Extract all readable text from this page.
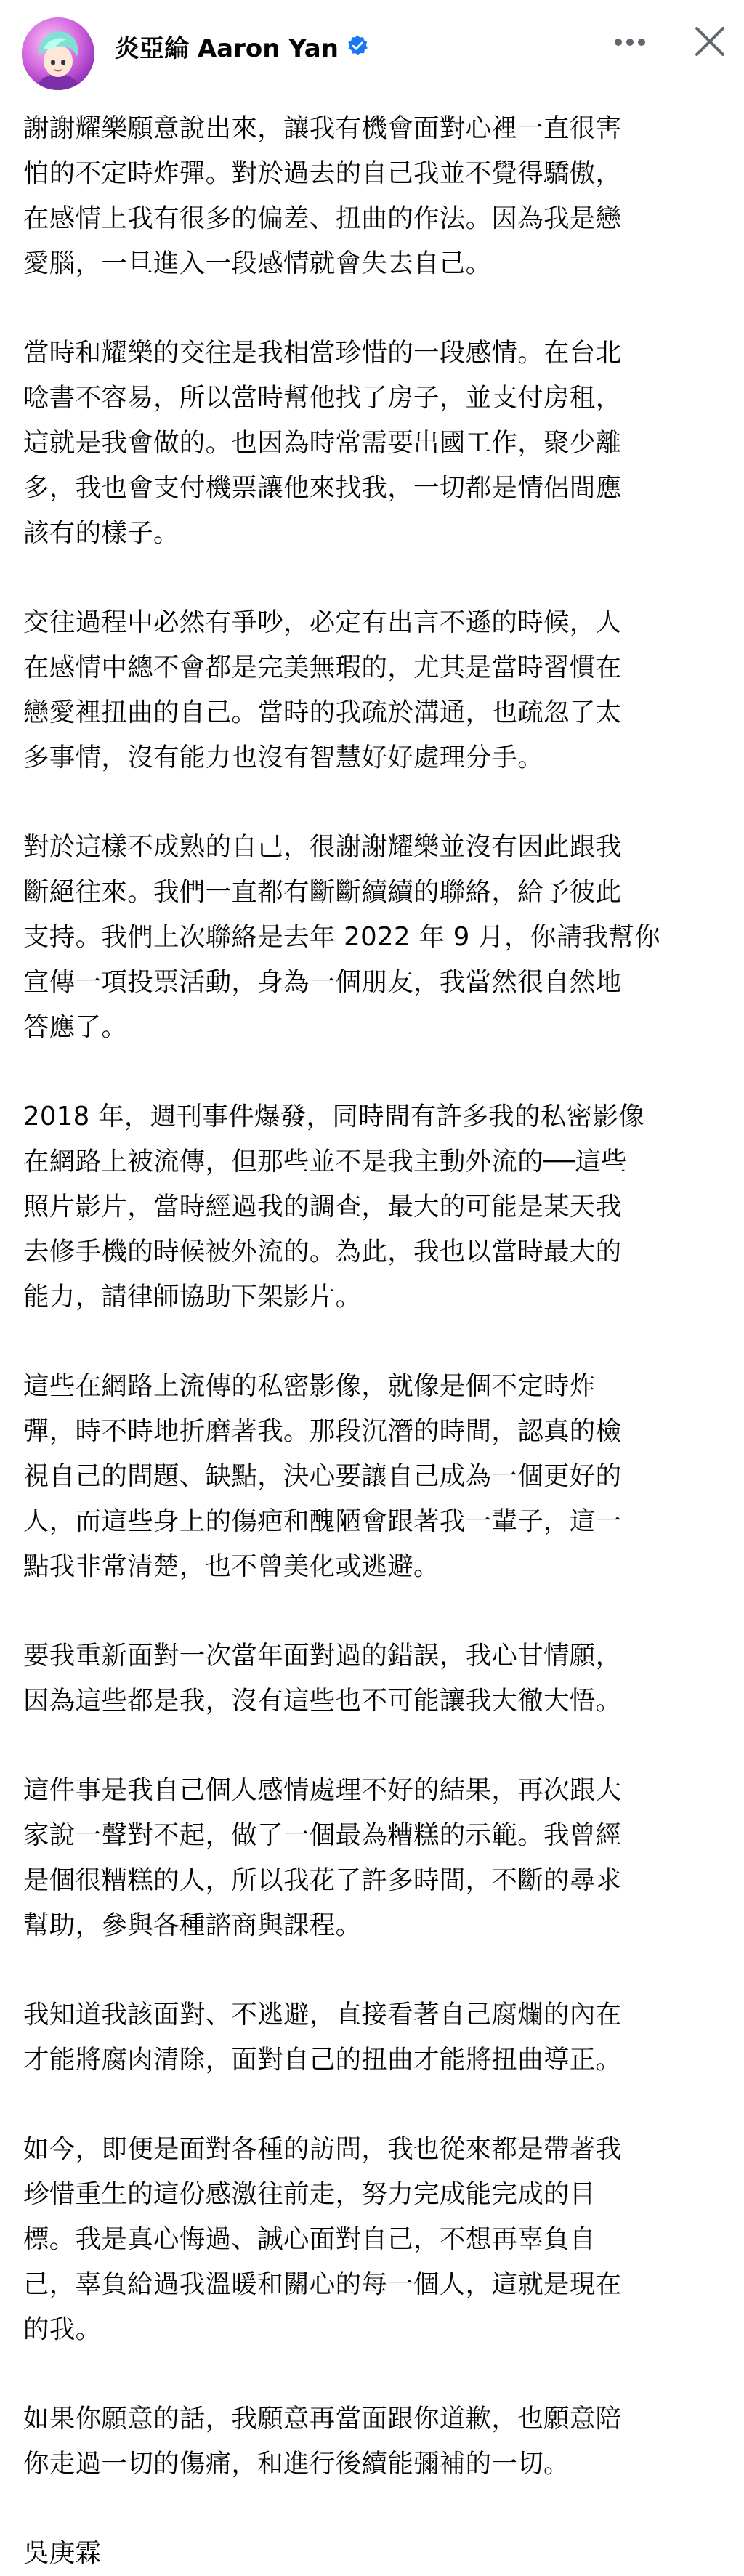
炎亞綸 Aaron Yan

謝謝耀樂願意說出來，讓我有機會面對心裡一直很害
怕的不定時炸彈。對於過去的自己我並不覺得驕傲，
在感情上我有很多的偏差、扭曲的作法。因為我是戀
愛腦，一旦進入一段感情就會失去自己。

當時和耀樂的交往是我相當珍惜的一段感情。在台北
唸書不容易，所以當時幫他找了房子，並支付房租，
這就是我會做的。也因為時常需要出國工作，聚少離
多，我也會支付機票讓他來找我，一切都是情侶間應
該有的樣子。

交往過程中必然有爭吵，必定有出言不遜的時候，人
在感情中總不會都是完美無瑕的，尤其是當時習慣在
戀愛裡扭曲的自己。當時的我疏於溝通，也疏忽了太
多事情，沒有能力也沒有智慧好好處理分手。

對於這樣不成熟的自己，很謝謝耀樂並沒有因此跟我
斷絕往來。我們一直都有斷斷續續的聯絡，給予彼此
支持。我們上次聯絡是去年 2022 年 9 月，你請我幫你
宣傳一項投票活動，身為一個朋友，我當然很自然地
答應了。

2018 年，週刊事件爆發，同時間有許多我的私密影像
在網路上被流傳，但那些並不是我主動外流的──這些
照片影片，當時經過我的調查，最大的可能是某天我
去修手機的時候被外流的。為此，我也以當時最大的
能力，請律師協助下架影片。

這些在網路上流傳的私密影像，就像是個不定時炸
彈，時不時地折磨著我。那段沉潛的時間，認真的檢
視自己的問題、缺點，決心要讓自己成為一個更好的
人，而這些身上的傷疤和醜陋會跟著我一輩子，這一
點我非常清楚，也不曾美化或逃避。

要我重新面對一次當年面對過的錯誤，我心甘情願，
因為這些都是我，沒有這些也不可能讓我大徹大悟。

這件事是我自己個人感情處理不好的結果，再次跟大
家說一聲對不起，做了一個最為糟糕的示範。我曾經
是個很糟糕的人，所以我花了許多時間，不斷的尋求
幫助，參與各種諮商與課程。

我知道我該面對、不逃避，直接看著自己腐爛的內在
才能將腐肉清除，面對自己的扭曲才能將扭曲導正。

如今，即便是面對各種的訪問，我也從來都是帶著我
珍惜重生的這份感激往前走，努力完成能完成的目
標。我是真心悔過、誠心面對自己，不想再辜負自
己，辜負給過我溫暖和關心的每一個人，這就是現在
的我。

如果你願意的話，我願意再當面跟你道歉，也願意陪
你走過一切的傷痛，和進行後續能彌補的一切。

吳庚霖
